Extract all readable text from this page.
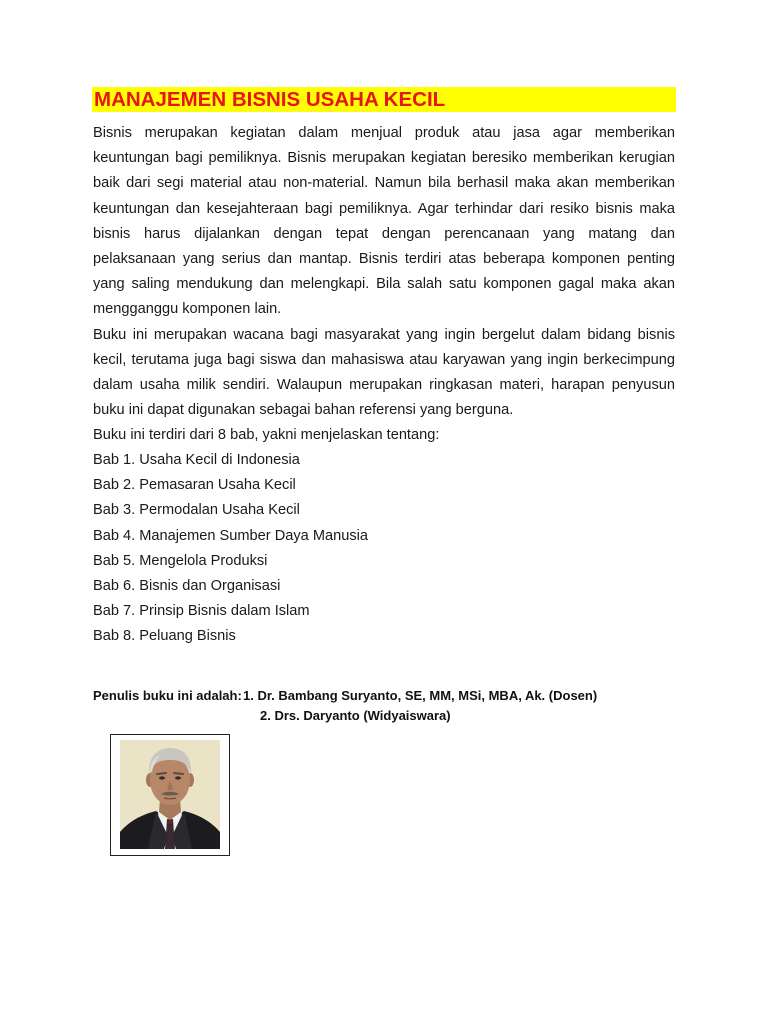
MANAJEMEN BISNIS USAHA KECIL

Bisnis merupakan kegiatan dalam menjual produk atau jasa agar memberikan keuntungan bagi pemiliknya. Bisnis merupakan kegiatan beresiko memberikan kerugian baik dari segi material atau non-material. Namun bila berhasil maka akan memberikan keuntungan dan kesejahteraan bagi pemiliknya. Agar terhindar dari resiko bisnis maka bisnis harus dijalankan dengan tepat dengan perencanaan yang matang dan pelaksanaan yang serius dan mantap. Bisnis terdiri atas beberapa komponen penting yang saling mendukung dan melengkapi. Bila salah satu komponen gagal maka akan mengganggu komponen lain.

Buku ini merupakan wacana bagi masyarakat yang ingin bergelut dalam bidang bisnis kecil, terutama juga bagi siswa dan mahasiswa atau karyawan yang ingin berkecimpung dalam usaha milik sendiri. Walaupun merupakan ringkasan materi, harapan penyusun buku ini dapat digunakan sebagai bahan referensi yang berguna.

Buku ini terdiri dari 8 bab, yakni menjelaskan tentang:

Bab 1. Usaha Kecil di Indonesia
Bab 2. Pemasaran Usaha Kecil
Bab 3. Permodalan Usaha Kecil
Bab 4. Manajemen Sumber Daya Manusia
Bab 5. Mengelola Produksi
Bab 6. Bisnis dan Organisasi
Bab 7. Prinsip Bisnis dalam Islam
Bab 8. Peluang Bisnis
Penulis buku ini adalah: 1. Dr. Bambang Suryanto, SE, MM, MSi, MBA, Ak. (Dosen)
2. Drs. Daryanto (Widyaiswara)
